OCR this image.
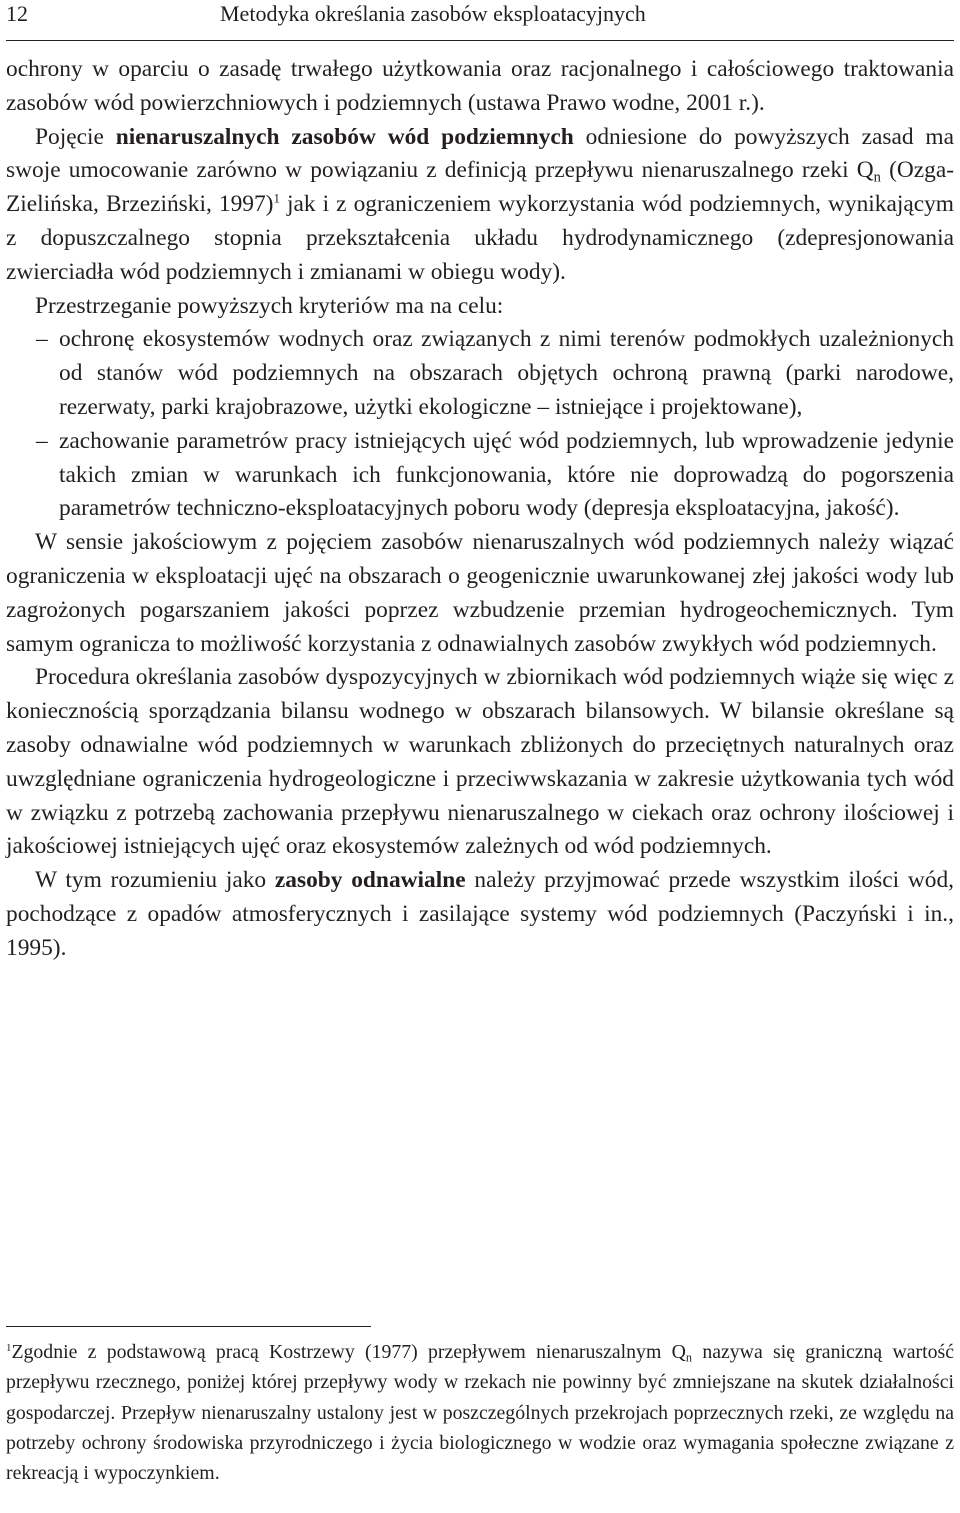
12	Metodyka określania zasobów eksploatacyjnych

ochrony w oparciu o zasadę trwałego użytkowania oraz racjonalnego i całościowego traktowania zasobów wód powierzchniowych i podziemnych (ustawa Prawo wodne, 2001 r.).

Pojęcie nienaruszalnych zasobów wód podziemnych odniesione do powyższych zasad ma swoje umocowanie zarówno w powiązaniu z definicją przepływu nienaruszalnego rzeki $Q_n$ (Ozga-Zielińska, Brzeziński, 1997)$^1$ jak i z ograniczeniem wykorzystania wód podziemnych, wynikającym z dopuszczalnego stopnia przekształcenia układu hydrodynamicznego (zdepresjonowania zwierciadła wód podziemnych i zmianami w obiegu wody).

Przestrzeganie powyższych kryteriów ma na celu:

– ochronę ekosystemów wodnych oraz związanych z nimi terenów podmokłych uzależnionych od stanów wód podziemnych na obszarach objętych ochroną prawną (parki narodowe, rezerwaty, parki krajobrazowe, użytki ekologiczne – istniejące i projektowane),
– zachowanie parametrów pracy istniejących ujęć wód podziemnych, lub wprowadzenie jedynie takich zmian w warunkach ich funkcjonowania, które nie doprowadzą do pogorszenia parametrów techniczno-eksploatacyjnych poboru wody (depresja eksploatacyjna, jakość).

W sensie jakościowym z pojęciem zasobów nienaruszalnych wód podziemnych należy wiązać ograniczenia w eksploatacji ujęć na obszarach o geogenicznie uwarunkowanej złej jakości wody lub zagrożonych pogarszaniem jakości poprzez wzbudzenie przemian hydrogeochemicznych. Tym samym ogranicza to możliwość korzystania z odnawialnych zasobów zwykłych wód podziemnych.

Procedura określania zasobów dyspozycyjnych w zbiornikach wód podziemnych wiąże się więc z koniecznością sporządzania bilansu wodnego w obszarach bilansowych. W bilansie określane są zasoby odnawialne wód podziemnych w warunkach zbliżonych do przeciętnych naturalnych oraz uwzględniane ograniczenia hydrogeologiczne i przeciwwskazania w zakresie użytkowania tych wód w związku z potrzebą zachowania przepływu nienaruszalnego w ciekach oraz ochrony ilościowej i jakościowej istniejących ujęć oraz ekosystemów zależnych od wód podziemnych.

W tym rozumieniu jako zasoby odnawialne należy przyjmować przede wszystkim ilości wód, pochodzące z opadów atmosferycznych i zasilające systemy wód podziemnych (Paczyński i in., 1995).

$^1$Zgodnie z podstawową pracą Kostrzewy (1977) przepływem nienaruszalnym $Q_n$ nazywa się graniczną wartość przepływu rzecznego, poniżej której przepływy wody w rzekach nie powinny być zmniejszane na skutek działalności gospodarczej. Przepływ nienaruszalny ustalony jest w poszczególnych przekrojach poprzecznych rzeki, ze względu na potrzeby ochrony środowiska przyrodniczego i życia biologicznego w wodzie oraz wymagania społeczne związane z rekreacją i wypoczynkiem.
